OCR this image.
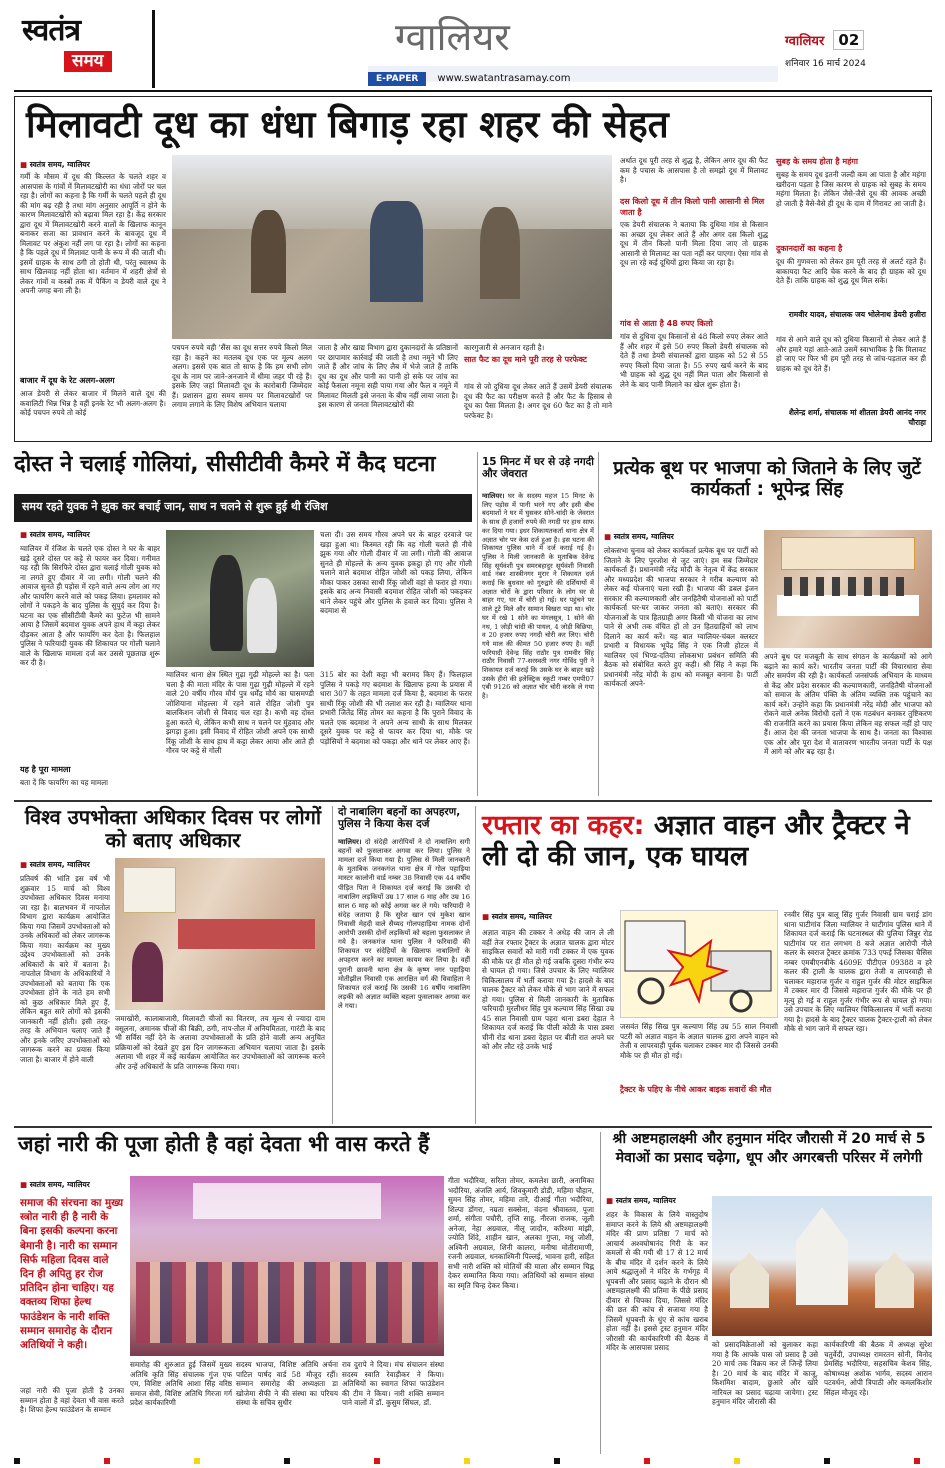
स्वतंत्र
समय
ग्वालियर
E-PAPER www.swatantrasamay.com
ग्वालियर 02
शनिवार 16 मार्च 2024
मिलावटी दूध का धंधा बिगाड़ रहा शहर की सेहत
■ स्वतंत्र समय, ग्वालियर
गर्मी के मौसम में दूध की किल्लत के चलते शहर व आसपास के गांवों में मिलावटखोरी का धंधा जोरों पर चल रहा है। लोगों का कहना है कि गर्मी के चलते पहले ही दूध की मांग बढ़ रही है तथा मांग अनुसार आपूर्ति न होने के कारण मिलावटखोरी को बढ़ावा मिल रहा है। केंद्र सरकार द्वारा दूध में मिलावटखोरी करने वालों के खिलाफ कानून बनाकर सजा का प्रावधान करने के बावजूद दूध में मिलावट पर अंकुश नहीं लग पा रहा है। लोगों का कहना है कि पहले दूध में मिलावट पानी के रूप में की जाती थी। इसमें ग्राहक के साथ ठगी तो होती थी, परंतु स्वास्थ्य के साथ खिलवाड़ नहीं होता था। वर्तमान में शहरी क्षेत्रों से लेकर गांवों व कस्बों तक में पैकिंग व डेयरी वाले दूध ने अपनी जगह बना ली है।
बाजार में दूध के रेट अलग-अलग
आज डेयरी से लेकर बाजार में मिलने वाले दूध की कवालिटी भिन्न भिन्न है वहीं इनके रेट भी अलग-अलग है। कोई पचपन रुपये तो कोई
पचपन रुपये वही 'सैंस का दूध सत्तर रुपये किलो मिल रहा है। कहने का मतलब दूध एक पर मूल्य अलग अलग। इससे एक बात तो साफ है कि हम सभी लोग दूध के नाम पर जाने-अनजाने में धीमा जहर पी रहे हैं। इसके लिए जहां मिलावटी दूध के कारोबारी जिम्मेदार हैं। प्रशासन द्वारा समय समय पर मिलावटखोरों पर लगाम लगाने के लिए विशेष अभियान चलाया
जाता है और खाद्य विभाग द्वारा दुकानदारों के प्रतिष्ठानों पर छापामार कार्रवाई की जाती है तथा नमूने भी लिए जाते हैं और जांच के लिए लैब में भेजे जाते हैं ताकि दूध का दूध और पानी का पानी हो सके पर जांच का कोई फैसला नमूना सही पाया गया और फैल व नमूने में मिलावट मिलती इसे जनता के बीच नहीं लाया जाता है। इस कारण से जनता मिलावटखोरों की
कारगुजारी से अनजान रहती है।
सात फैट का दूध माने पूरी तरह से परफेक्ट
गांव से जो दुधिया दूध लेकर आते हैं उसमें डेयरी संचालक दूध की फैट का परीक्षण करते हैं और फैट के हिसाब से दूध का पैसा मिलता है। अगर दूध 60 फैट का है तो माने परफेक्ट है।
अर्थात दूध पूरी तरह से शुद्ध है, लेकिन अगर दूध की फैट कम है पचास के आसपास है तो समझो दूध में मिलावट है।
दस किलो दूध में तीन किलो पानी आसानी से मिल जाता है
एक डेयरी संचालक ने बताया कि दुधिया गांव से किसान का अच्छा दूध लेकर आते हैं और अगर दस किलो शुद्ध दूध में तीन किलो पानी मिला दिया जाए तो ग्राहक आसानी से मिलावट का पता नहीं कर पाएगा। ऐसा गांव से दूध ला रहे कई दूधियों द्वारा किया जा रहा है।
गांव से आता है 48 रुपए किलो
गांव से दुधिया दूध किसानों से 48 किलो रुपए लेकर आते हैं और शहर में इसे 50 रुपए किलो डेयरी संचालक को देते हैं तथा डेयरी संचालकों द्वारा ग्राहक को 52 से 55 रुपए किलो दिया जाता है। 55 रुपए खर्च करने के बाद भी ग्राहक को शुद्ध दूध नहीं मिल पाता और किसानों से लेने के बाद पानी मिलाने का खेल शुरू होता है।
सुबह के समय होता है महंगा
सुबह के समय दूध इतनी जल्दी कम आ पाता है और महंगा खरीदना पड़ता है जिस कारण से ग्राहक को सुबह के समय महंगा मिलता है। लेकिन जैसे-जैसे दूध की आवक अच्छी हो जाती है वैसे-वैसे ही दूध के दाम में गिरावट आ जाती है।
दुकानदारों का कहना है
दूध की गुणवत्ता को लेकर हम पूरी तरह से अलर्ट रहते हैं। बाकायदा फैट आदि चेक करने के बाद ही ग्राहक को दूध देते हैं। ताकि ग्राहक को शुद्ध दूध मिल सके।
रामवीर यादव, संचालक जय भोलेनाथ डेयरी हजीरा
गांव से आने वाले दूध को दुधिया किसानों से लेकर आते हैं और हमारे यहां आते-आते उसमें स्वाभाविक है कि मिलावट हो जाए पर फिर भी हम पूरी तरह से जांच-पड़ताल कर ही ग्राहक को दूध देते हैं।
शैलेन्द्र शर्मा, संचालक मां शीतला डेयरी आनंद नगर चौराहा
दोस्त ने चलाई गोलियां, सीसीटीवी कैमरे में कैद घटना
समय रहते युवक ने झुक कर बचाई जान, साथ न चलने से शुरू हुई थी रंजिश
■ स्वतंत्र समय, ग्वालियर
ग्वालियर में रंजिश के चलते एक दोस्त ने घर के बाहर खड़े दूसरे दोस्त पर कट्टे से फायर कर दिया। गनीमत यह रही कि सिरफिरे दोस्त द्वारा चलाई गोली युवक को ना लगते हुए दीवार में जा लगी। गोली चलने की आवाज सुनते ही पड़ोस में रहने वाले अन्य लोग आ गए और फायरिंग करने वाले को पकड़ लिया। हमलावर को लोगों ने पकड़ने के बाद पुलिस के सुपुर्द कर दिया है। घटना का एक सीसीटीवी कैमरे का फुटेज भी सामने आया है जिसमें बदमाश युवक अपने हाथ में कट्टा लेकर दौड़कर आता है और फायरिंग कर देता है। फिलहाल पुलिस ने फरियादी युवक की शिकायत पर गोली चलाने वाले के खिलाफ मामला दर्ज कर उससे पूछताछ शुरू कर दी है।
यह है पूरा मामला
बता दें कि फायरिंग का यह मामला
ग्वालियर थाना क्षेत्र स्थित गुढ़ा गुढ़ी मोहल्ले का है। पता चला है की माता मंदिर के पास गुढ़ा गुढ़ी मोहल्ले में रहने वाले 20 वर्षीय गौरव मौर्य पुत्र धर्मेंद्र मौर्य का घासमण्डी जोशियाना मोहल्ला में रहने वाले रोहित जोशी पुत्र बालकिशन जोशी से विवाद चल रहा है। कभी वह दोस्त हुआ करते थे, लेकिन कभी साथ न चलने पर मुंहवाद और झगड़ा हुआ। इसी विवाद में रोहित जोशी अपने एक साथी रिंकू जोशी के साथ हाथ में कट्टा लेकर आया और आते ही गौरव पर कट्टे से गोली
चला दी। उस समय गौरव अपने घर के बाहर दरवाजे पर खड़ा हुआ था। किस्मत रही कि वह गोली चलते ही नीचे झुक गया और गोली दीवार में जा लगी। गोली की आवाज सुनते ही मोहल्ले के अन्य युवक इकट्ठा हो गए और गोली चलाने वाले बदमाश रोहित जोशी को पकड़ लिया, लेकिन मौका पाकर उसका साथी रिंकू जोशी वहां से फरार हो गया। इसके बाद अन्य निवासी बदमाश रोहित जोशी को पकड़कर थाने लेकर पहुंचे और पुलिस के हवाले कर दिया। पुलिस ने बदमाश से
315 बोर का देशी कट्टा भी बरामद किए हैं। फिलहाल पुलिस ने पकड़े गए बदमाश के खिलाफ हत्या के प्रयास में धारा 307 के तहत मामला दर्ज किया है, बदमाश के फरार साथी रिंकू जोशी की भी तलाश कर रही है। ग्वालियर थाना प्रभारी जितेंद्र सिंह तोमर का कहना है कि पुराने विवाद के चलते एक बदमाश ने अपने अन्य साथी के साथ मिलकर दूसरे युवक पर कट्टे से फायर कर दिया था, मौके पर पड़ोसियों ने बदमाश को पकड़ा और थाने पर लेकर आए हैं।
15 मिनट में घर से उड़े नगदी और जेवरात
ग्वालियर। घर के सदस्य महज 15 मिनट के लिए पड़ोस में पानी भरने गए और इसी बीच बदमाशों ने घर में घुसकर सोने-चांदी के जेवरात के साथ ही हजारों रुपये की नगदी पर हाथ साफ कर दिया गया। इधर शिकायतकर्ता थाना क्षेत्र में अज्ञात चोर पर केस दर्ज हुआ है। इस घटना की शिकायत पुलिस थाने में दर्ज कराई गई है। पुलिस ने मिली जानकारी के मुताबिक देवेन्द्र सिंह सूर्यवंशी पुत्र समरबहादुर सूर्यवंशी निवासी वार्ड नंबर शास्त्रीनगर मुरार ने शिकायत दर्ज कराई कि बुधवार को गुरुद्वारे की दर्शियायों में अज्ञात चोरों के द्वारा परिवार के लोग घर से बाहर गए, घर में चोरी हो गई। घर पहुंचने पर ताले टूटे मिले और सामान बिखरा पड़ा था। चोर घर में रखे 1 सोने का मंगलसूत्र, 1 सोने की नथ, 1 जोड़ी चांदी की पायल, 4 जोड़ी बिछिया, व 20 हजार रुपए नगदी चोरी कर लिए। चोरी गये माल की कीमत 50 हजार रुपए है। वहीं फरियादी देवेन्द्र सिंह राठौर पुत्र रामवीर सिंह राठौर निवासी 77-सरस्वती नगर गोविंद पुरी ने शिकायत दर्ज कराई कि उसके घर के बाहर खड़े उसके हीरो की इलेक्ट्रिक स्कूटी नम्बर एमपी07 एबी 9126 को अज्ञात चोर चोरी करके ले गया है।
प्रत्येक बूथ पर भाजपा को जिताने के लिए जुटें कार्यकर्ता : भूपेन्द्र सिंह
■ स्वतंत्र समय, ग्वालियर
लोकसभा चुनाव को लेकर कार्यकर्ता प्रत्येक बूथ पर पार्टी को जिताने के लिए पुरजोश से जुट जाएं। हम सब जिम्मेदार कार्यकर्ता हैं। प्रधानमंत्री नरेंद्र मोदी के नेतृत्व में केंद्र सरकार और मध्यप्रदेश की भाजपा सरकार ने गरीब कल्याण को लेकर कई योजनाएं चला रखी हैं। भाजपा की डबल इंजन सरकार की कल्याणकारी और जनहितैषी योजनाओं को पार्टी कार्यकर्ता घर-घर जाकर जनता को बताएं। सरकार की योजनाओं के पात्र हितग्राही अगर किसी भी योजना का लाभ पाने से अभी तक वंचित हों तो उन हितग्राहियों को लाभ दिलाने का कार्य करें। यह बात ग्वालियर-चंबल क्लस्टर प्रभारी व विधायक भूपेंद्र सिंह ने एक निजी होटल में ग्वालियर एवं भिण्ड-दतिया लोकसभा प्रबंधन समिति की बैठक को संबोधित करते हुए कही। श्री सिंह ने कहा कि प्रधानमंत्री नरेंद्र मोदी के हाथ को मजबूत बनाना है। पार्टी कार्यकर्ता अपने-
अपने बूथ पर मजबूती के साथ संगठन के कार्यक्रमों को आगे बढ़ाने का कार्य करें। भारतीय जनता पार्टी की विचारधारा सेवा और समर्पण की रही है। कार्यकर्ता जनसंपर्क अभियान के माध्यम से केंद्र और प्रदेश सरकार की कल्याणकारी, जनहितैषी योजनाओं को समाज के अंतिम पंक्ति के अंतिम व्यक्ति तक पहुंचाने का कार्य करें। उन्होंने कहा कि प्रधानमंत्री नरेंद्र मोदी और भाजपा को रोकने वाले अनेक विरोधी दलों ने एक गठबंधन बनाकर तुष्टिकरण की राजनीति करने का प्रयास किया लेकिन वह सफल नहीं हो पाए हैं। आज देश की जनता भाजपा के साथ है। जनता का विश्वास एक ओर और पूरा देश में वातावरण भारतीय जनता पार्टी के पक्ष में आगे को और बढ़ रहा है।
विश्व उपभोक्ता अधिकार दिवस पर लोगों को बताए अधिकार
■ स्वतंत्र समय, ग्वालियर
प्रतिवर्ष की भांति इस वर्ष भी शुक्रवार 15 मार्च को विश्व उपभोक्ता अधिकार दिवस मनाया जा रहा है। बालभवन में नापतोल विभाग द्वारा कार्यक्रम आयोजित किया गया जिसमें उपभोक्ताओं को उनके अधिकारों को लेकर जागरूक किया गया। कार्यक्रम का मुख्य उद्देश्य उपभोक्ताओं को उनके अधिकारों के बारे में बताना है। नापतोल विभाग के अधिकारियों ने उपभोक्ताओं को बताया कि एक उपभोक्ता होने के नाते हम सभी को कुछ अधिकार मिले हुए हैं, लेकिन बहुत सारे लोगों को इसकी जानकारी नहीं होती। इसी तरह-तरह के अभियान चलाए जाते हैं और इनके जरिए उपभोक्ताओं को जागरूक करने का प्रयास किया जाता है। बाजार में होने वाली
जमाखोरी, कालाबाजारी, मिलावटी चीजों का वितरण, तय मूल्य से ज्यादा दाम वसूलना, अमानक चीजों की बिक्री, ठगी, नाप-तौल में अनियमितता, गारंटी के बाद भी सर्विस नहीं देने के अलावा उपभोक्ताओं के प्रति होने वाली अन्य अनुचित प्रक्रियाओं को देखते हुए इस दिन जागरूकता अभियान चलाया जाता है। इसके अलावा भी शहर में कई कार्यक्रम आयोजित कर उपभोक्ताओं को जागरूक करने और उन्हें अधिकारों के प्रति जागरूक किया गया।
दो नाबालिग बहनों का अपहरण, पुलिस ने किया केस दर्ज
ग्वालियर। दो संदेही आरोपियों ने दो नाबालिग सगी बहनों को फुसलाकर अगवा कर लिया। पुलिस ने मामला दर्ज किया गया है। पुलिस से मिली जानकारी के मुताबिक जनकगंज थाना क्षेत्र में गोल पहाड़िया मास्टर कालोनी वार्ड नम्बर 38 निवासी एक 44 वर्षीय पीड़ित पिता ने शिकायत दर्ज कराई कि उसकी दो नाबालिग लड़कियों उम्र 17 साल 6 माह और उम्र 16 साल 6 माह को कोई अगवा कर ले गये। फरियादी ने संदेह जताया है कि सुरेश खान एवं मुकेश खान निवासी मेहदी वाले सैय्यद गोलपहाड़िया नामक दोनों आरोपी उसकी दोनों लड़कियों को बहला फुसलाकर ले गये है। जनकगंज थाना पुलिस ने फरियादी की शिकायत पर संदेहियों के खिलाफ नाबालिगों के अपहरण करने का मामला कायम कर लिया है। वहीं पुरानी छावनी थाना क्षेत्र के कृष्ण नगर पहाड़िया मोतीझील निवासी एक आरक्षित वर्ग की विवाहिता ने शिकायत दर्ज कराई कि उसकी 16 वर्षीय नाबालिग लड़की को अज्ञात व्यक्ति बहला फुसलाकर अगवा कर ले गया।
रफ्तार का कहर: अज्ञात वाहन और ट्रैक्टर ने ली दो की जान, एक घायल
■ स्वतंत्र समय, ग्वालियर
अज्ञात वाहन की टक्कर ने अधेड़ की जान ले ली वहीं तेज रफ्तार ट्रैक्टर के अज्ञात चालक द्वारा मोटर साइकिल सवारों को मारी गयी टक्कर में एक युवक की मौके पर ही मौत हो गई जबकि दूसरा गंभीर रूप से घायल हो गया। जिसे उपचार के लिए ग्वालियर चिकित्सालय में भर्ती कराया गया है। हादसे के बाद चालक ट्रैक्टर को लेकर मौके से भाग जाने में सफल हो गया। पुलिस से मिली जानकारी के मुताबिक फरियादी मुरलीधर सिंह पुत्र कल्याण सिंह सिखा उम्र 45 साल निवासी ग्राम पहरा थाना डबरा देहात ने शिकायत दर्ज कराई कि पीली कोठी के पास डबरा चीनी रोड थाना डबरा देहात पर बीती रात अपने घर को और लौट रहे उनके भाई
जसवंत सिंह सिख पुत्र कल्याण सिंह उम्र 55 साल निवासी पटरी को अज्ञात वाहन के अज्ञात चालक द्वारा अपने वाहन को तेजी व लापरवाही पूर्वक चलाकर टक्कर मार दी जिससे उनकी मौके पर ही मौत हो गई।
ट्रैक्टर के पहिए के नीचे आकर बाइक सवारों की मौत
रनवीर सिंह पुत्र बालू सिंह गुर्जर निवासी ग्राम चराई डांग थाना घाटीगांव जिला ग्वालियर ने घाटीगांव पुलिस थाने में शिकायत दर्ज कराई कि घटनास्थल की पुलिया जिन्नुर रोड घाटीगांव पर रात लगभग 8 बजे अज्ञात आरोपी नीले कलर के स्वराज ट्रैक्टर क्रमांक 733 एफई जिसका चैसिस नम्बर एमबीएनबीके 4609E पीटीएल 09388 व हरे कलर की ट्राली के चालक द्वारा तेजी व लापरवाही से चलाकर महाराज गुर्जर व राहुल गुर्जर की मोटर साइकिल में टक्कर मार दी जिससे महाराज गुर्जर की मौके पर ही मृत्यु हो गई व राहुल गुर्जर गंभीर रूप से घायल हो गया। उसे उपचार के लिए ग्वालियर चिकित्सालय में भर्ती कराया गया है। हादसे के बाद ट्रैक्टर चालक ट्रैक्टर-ट्राली को लेकर मौके से भाग जाने में सफल रहा।
जहां नारी की पूजा होती है वहां देवता भी वास करते हैं
■ स्वतंत्र समय, ग्वालियर
समाज की संरचना का मुख्य स्त्रोत नारी ही है नारी के बिना इसकी कल्पना करना बेमानी है। नारी का सम्मान सिर्फ महिला दिवस वाले दिन ही अपितु हर रोज प्रतिदिन होना चाहिए। यह वक्तव्य शिफा हेल्थ फाउंडेशन के नारी शक्ति सम्मान समारोह के दौरान अतिथियों ने कही।
जहां नारी की पूजा होती है उनका सम्मान होता है वहां देवता भी वास करते है। शिफा हेल्थ फाउंडेशन के सम्मान
समारोह की शुरुआत हुई जिसमें मुख्य अतिथि कृति सिंह संचालक गुंज एफ एम, विशिष्ट अतिथि आशा सिंह वरिष्ठ समाज सेवी, विशिष्ट अतिथि गिरजा गर्ग प्रदेश कार्यकारिणी
सदस्य भाजपा, विशिष्ट अतिथि अर्चना पाटिल पार्षद वार्ड 58 मौजूद रहीं। सम्मान समारोह की अध्यक्षता डा खोजेमा सैफी ने की संस्था का परिचय संस्था के सचिव सुधीर
राव दुरापे ने दिया। मंच संचालन संस्था सदस्य स्वाति रेवाड़ीकर ने किया। अतिथियों का स्वागत शिफा फाउंडेशन की टीम ने किया। नारी शक्ति सम्मान पाने वालों में डॉ. कुसुम सिंघल, डॉ.
गीता भदौरिया, सरिता तोमर, कमलेश छारी, अनामिका भदौरिया, अंजलि आर्य, शिवकुमारी डोडी, महिमा चौहान, सुमन सिंह तोमर, महिमा तारे, दीआई गीता भदौरिया, शिल्पा डोंगरा, नम्रता सक्सेना, वंदना श्रीवास्तव, पूजा शर्मा, संगीता पचौरी, तृप्ति साहू, नीरजा राजक, जूली अनेजा, नेहा अग्रवाल, नीलू जादौन, करिश्मा मांझी, ज्योति शिंदे, शाहीन खान, अलका गुप्ता, मधु जोशी, अश्विनी अग्रवाल, शिनी कालरा, मनीषा मोतीरामाणी, रजनी अग्रवाल, धनकाश्मिनी पिल्लई, भावना हारी, सहित सभी नारी शक्ति को मोतियों की माला और सम्मान चिह्न देकर सम्मानित किया गया। अतिथियों को सम्मान संस्था का स्मृति चिन्ह देकर किया।
श्री अष्टमहालक्ष्मी और हनुमान मंदिर जौरासी में 20 मार्च से 5 मेवाओं का प्रसाद चढ़ेगा, धूप और अगरबत्ती परिसर में लगेगी
■ स्वतंत्र समय, ग्वालियर
शहर के विकास के लिये वास्तुदोष समाप्त करने के लिये श्री अष्टमहालक्ष्मी मंदिर की प्राण प्रतिष्ठा 7 मार्च को आचार्य अश्वघोषानंद गिरी के कर कमलों से की गयी थी 17 से 12 मार्च के बीच मंदिर में दर्शन करने के लिये आये श्रद्धालुओं ने मंदिर के गर्भगृह में धूपबत्ती और प्रसाद चढ़ाने के दौरान श्री अष्टमहालक्ष्मी की प्रतिमा के पीछे प्रसाद दीवार से चिपका दिया, जिससे मंदिर की छत की कांच से सजाया गया है जिसमें धूपबत्ती के धुंए से कांच खराब होता नहीं है। इससे ट्रस्ट हनुमान मंदिर जौरासी की कार्यकारिणी की बैठक में मंदिर के आसपास प्रसाद	को प्रसादविक्रेताओं को बुलाकर कहा गया है कि आपके पास जो प्रसाद है उसे 20 मार्च तक विक्रय कर लें जिन्हें लिया है। 20 मार्च के बाद मंदिर में काजू, किशमिश बादाम, छुआरे और खोरे नारियल का प्रसाद चढ़ाया जायेगा। ट्रस्ट हनुमान मंदिर जौरासी की
कार्यकारिणी की बैठक में अध्यक्ष सुरेश चतुर्वेदी, उपाध्यक्ष रामरतन सोनी, विनोद प्रेमसिंह भदौरिया, सहसचिव केशव सिंह, कोषाध्यक्ष अशोक भार्गव, सदस्य आरान पटवर्धन, ओपी त्रिपाठी और कमलकिशोर सिंहल मौजूद रहे।
